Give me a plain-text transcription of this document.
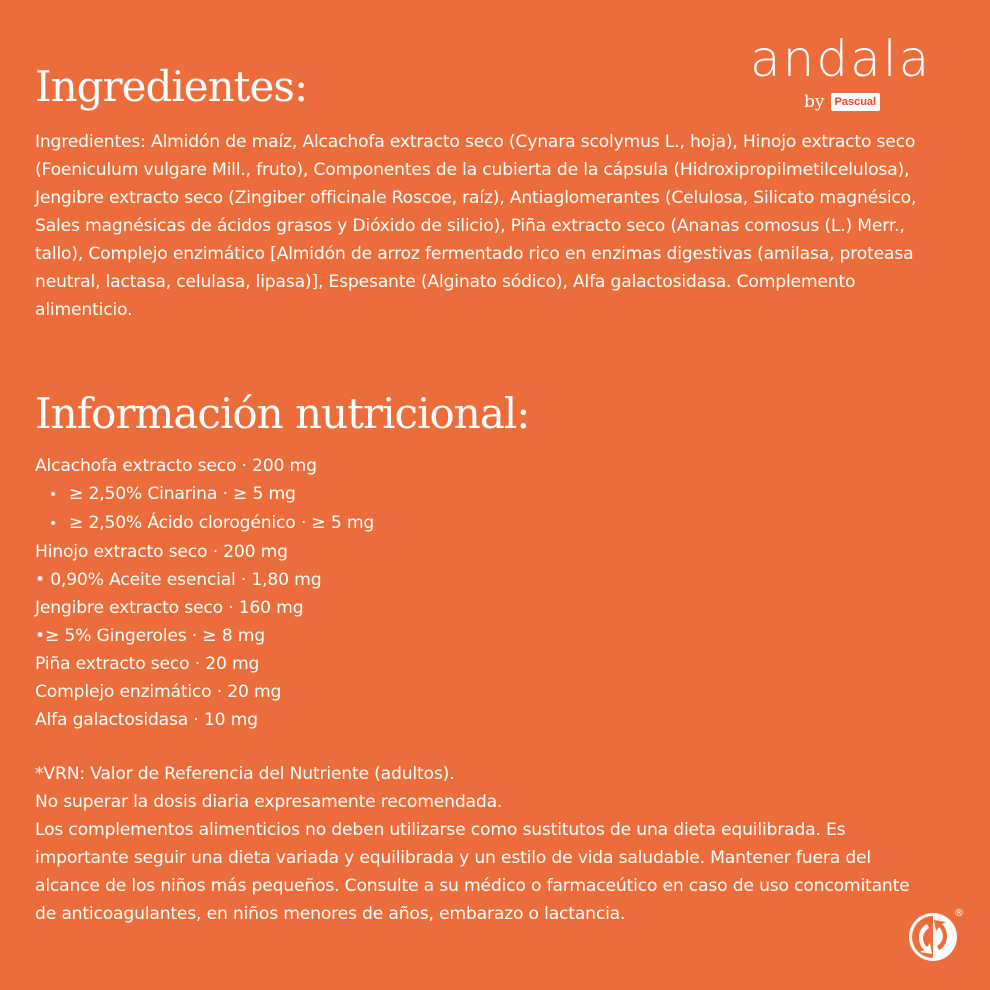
Ingredientes:	andala
by Pascual
Ingredientes: Almidón de maíz, Alcachofa extracto seco (Cynara scolymus L., hoja), Hinojo extracto seco (Foeniculum vulgare Mill., fruto), Componentes de la cubierta de la cápsula (Hidroxipropilmetilcelulosa), Jengibre extracto seco (Zingiber officinale Roscoe, raíz), Antiaglomerantes (Celulosa, Silicato magnésico, Sales magnésicas de ácidos grasos y Dióxido de silicio), Piña extracto seco (Ananas comosus (L.) Merr., tallo), Complejo enzimático [Almidón de arroz fermentado rico en enzimas digestivas (amilasa, proteasa neutral, lactasa, celulasa, lipasa)], Espesante (Alginato sódico), Alfa galactosidasa. Complemento alimenticio.
Información nutricional:
Alcachofa extracto seco · 200 mg
• ≥ 2,50% Cinarina · ≥ 5 mg
• ≥ 2,50% Ácido clorogénico · ≥ 5 mg
Hinojo extracto seco · 200 mg
• 0,90% Aceite esencial · 1,80 mg
Jengibre extracto seco · 160 mg
•≥ 5% Gingeroles · ≥ 8 mg
Piña extracto seco · 20 mg
Complejo enzimático · 20 mg
Alfa galactosidasa · 10 mg

*VRN: Valor de Referencia del Nutriente (adultos).

No superar la dosis diaria expresamente recomendada.

Los complementos alimenticios no deben utilizarse como sustitutos de una dieta equilibrada. Es importante seguir una dieta variada y equilibrada y un estilo de vida saludable. Mantener fuera del alcance de los niños más pequeños. Consulte a su médico o farmaceútico en caso de uso concomitante de anticoagulantes, en niños menores de años, embarazo o lactancia.	®
